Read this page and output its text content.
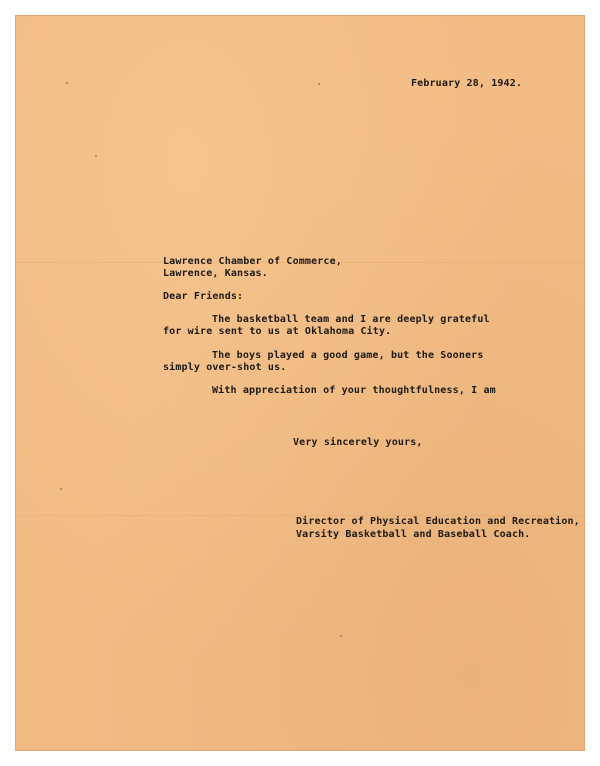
February 28, 1942.
Lawrence Chamber of Commerce,
Lawrence, Kansas.
Dear Friends:
The basketball team and I are deeply grateful
for wire sent to us at Oklahoma City.
The boys played a good game, but the Sooners
simply over-shot us.
With appreciation of your thoughtfulness, I am
Very sincerely yours,
Director of Physical Education and Recreation,
Varsity Basketball and Baseball Coach.
